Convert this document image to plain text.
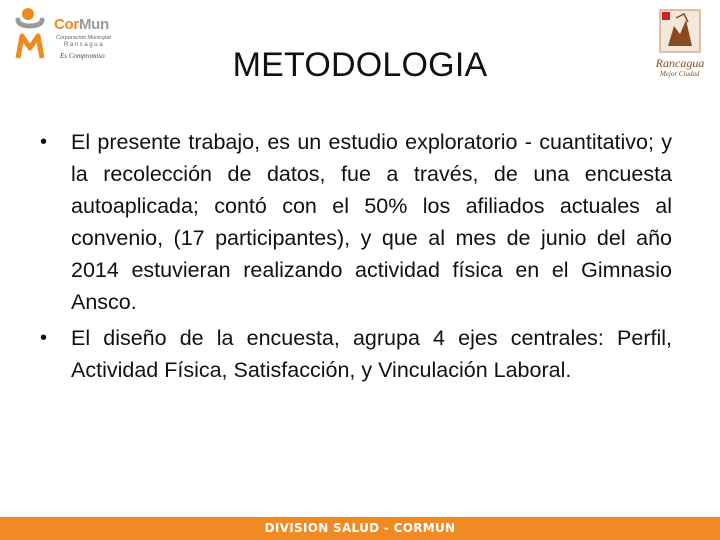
CorMun
Corporación Municipal
Rancagua
Es Compromiso	Rancagua
Mejor Ciudad
METODOLOGIA
•	El presente trabajo, es un estudio exploratorio - cuantitativo; y la recolección de datos, fue a través, de una encuesta autoaplicada; contó con el 50% los afiliados actuales al convenio, (17 participantes), y que al mes de junio del año 2014 estuvieran realizando actividad física en el Gimnasio Ansco.
•	El diseño de la encuesta, agrupa 4 ejes centrales: Perfil, Actividad Física, Satisfacción, y Vinculación Laboral.
DIVISION SALUD - CORMUN
